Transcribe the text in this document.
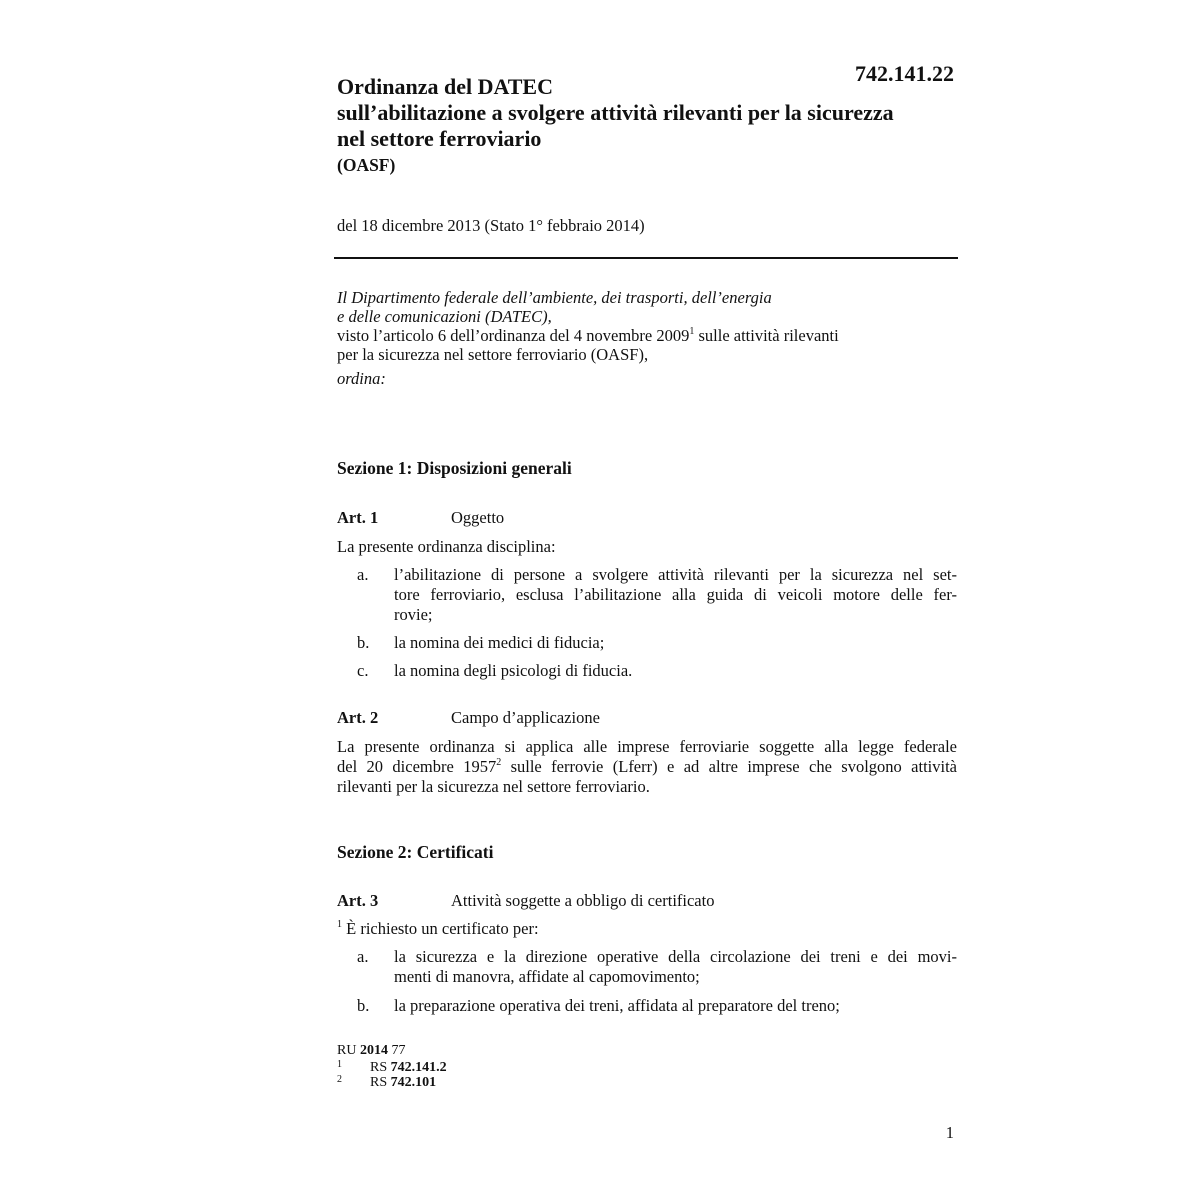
742.141.22
Ordinanza del DATEC
sull’abilitazione a svolgere attività rilevanti per la sicurezza
nel settore ferroviario
(OASF)
del 18 dicembre 2013 (Stato 1° febbraio 2014)
Il Dipartimento federale dell’ambiente, dei trasporti, dell’energia
e delle comunicazioni (DATEC),
visto l’articolo 6 dell’ordinanza del 4 novembre 2009$^1$ sulle attività rilevanti
per la sicurezza nel settore ferroviario (OASF),
ordina:
Sezione 1: Disposizioni generali
Art. 1	Oggetto
La presente ordinanza disciplina:
a. l’abilitazione di persone a svolgere attività rilevanti per la sicurezza nel set-
tore ferroviario, esclusa l’abilitazione alla guida di veicoli motore delle fer-
rovie;
b. la nomina dei medici di fiducia;
c. la nomina degli psicologi di fiducia.
Art. 2	Campo d’applicazione
La presente ordinanza si applica alle imprese ferroviarie soggette alla legge federale
del 20 dicembre 1957$^2$ sulle ferrovie (Lferr) e ad altre imprese che svolgono attività
rilevanti per la sicurezza nel settore ferroviario.
Sezione 2: Certificati
Art. 3	Attività soggette a obbligo di certificato
$^1$ È richiesto un certificato per:
a. la sicurezza e la direzione operative della circolazione dei treni e dei movi-
menti di manovra, affidate al capomovimento;
b. la preparazione operativa dei treni, affidata al preparatore del treno;
RU 2014 77
1 RS 742.141.2
2 RS 742.101
1
